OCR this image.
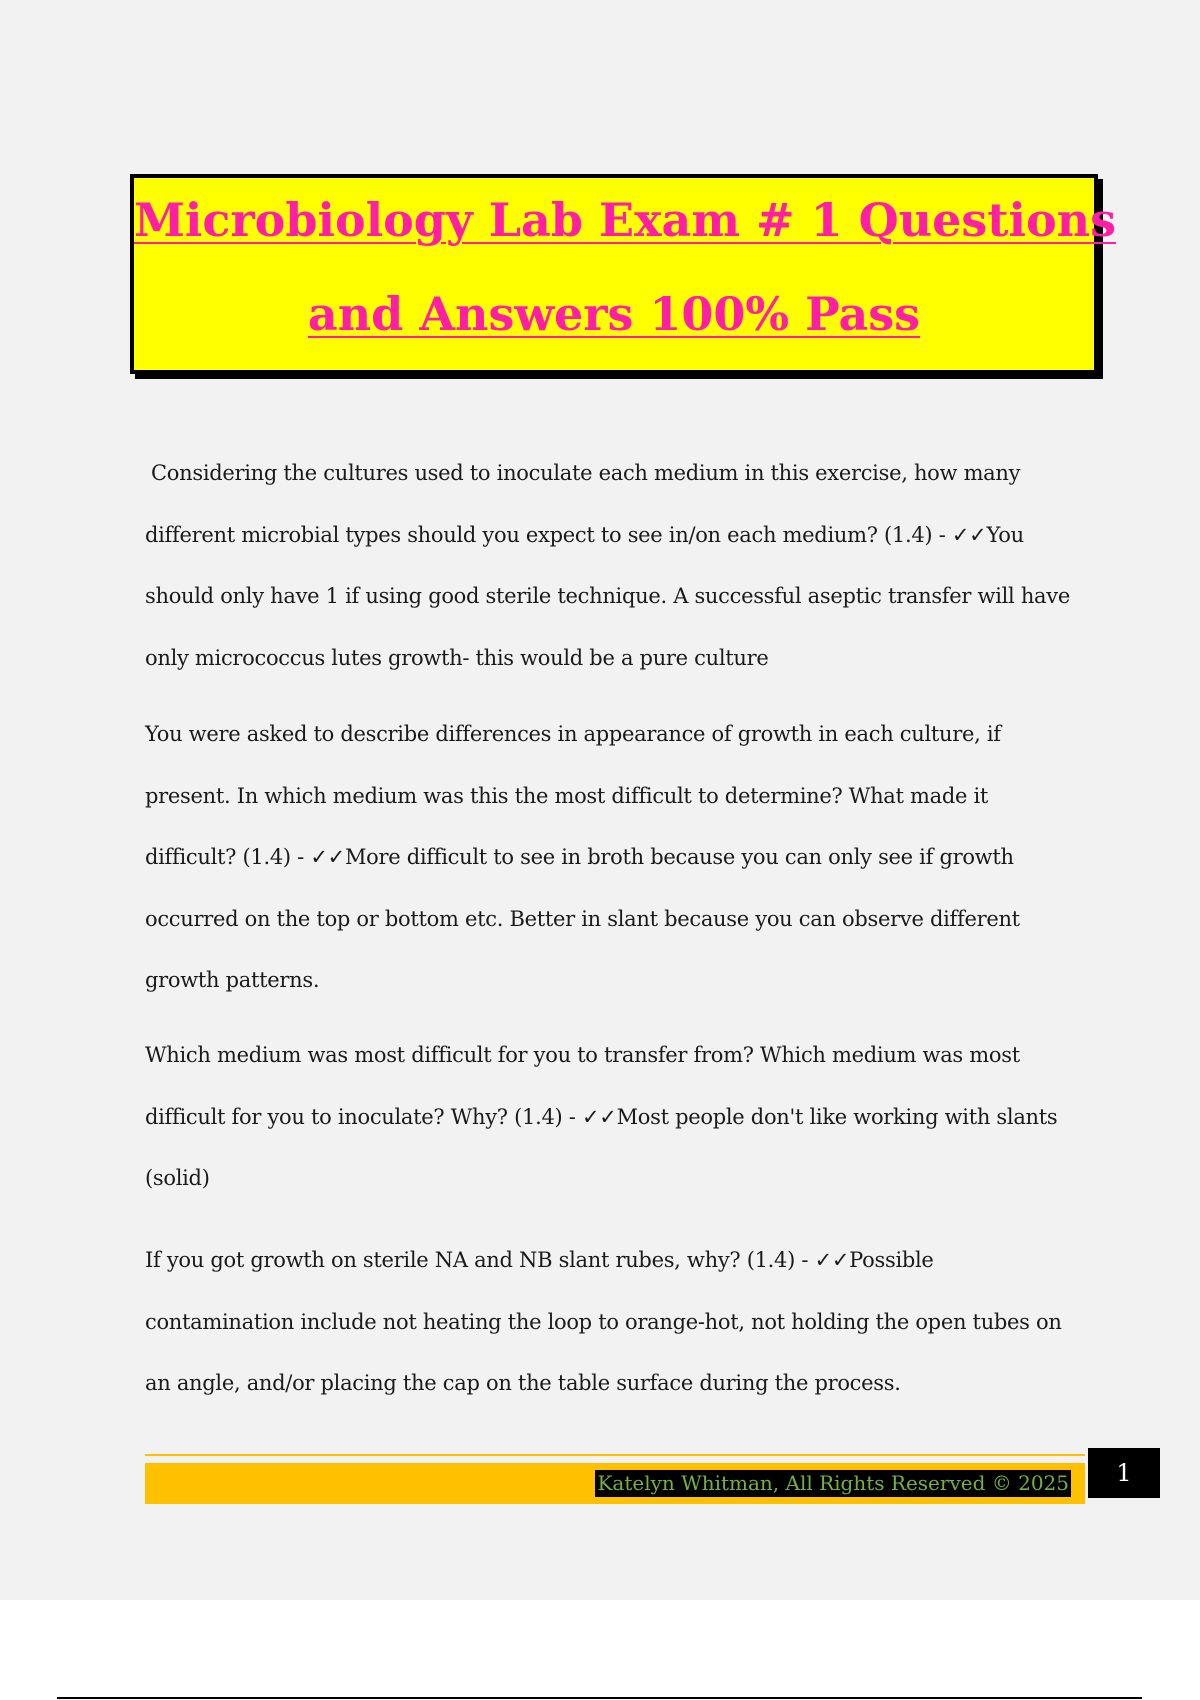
Microbiology Lab Exam # 1 Questions
and Answers 100% Pass

Considering the cultures used to inoculate each medium in this exercise, how many different microbial types should you expect to see in/on each medium? (1.4) - ✓✓You should only have 1 if using good sterile technique. A successful aseptic transfer will have only micrococcus lutes growth- this would be a pure culture

You were asked to describe differences in appearance of growth in each culture, if present. In which medium was this the most difficult to determine? What made it difficult? (1.4) - ✓✓More difficult to see in broth because you can only see if growth occurred on the top or bottom etc. Better in slant because you can observe different growth patterns.

Which medium was most difficult for you to transfer from? Which medium was most difficult for you to inoculate? Why? (1.4) - ✓✓Most people don't like working with slants (solid)

If you got growth on sterile NA and NB slant rubes, why? (1.4) - ✓✓Possible contamination include not heating the loop to orange-hot, not holding the open tubes on an angle, and/or placing the cap on the table surface during the process.

Katelyn Whitman, All Rights Reserved © 2025	1
